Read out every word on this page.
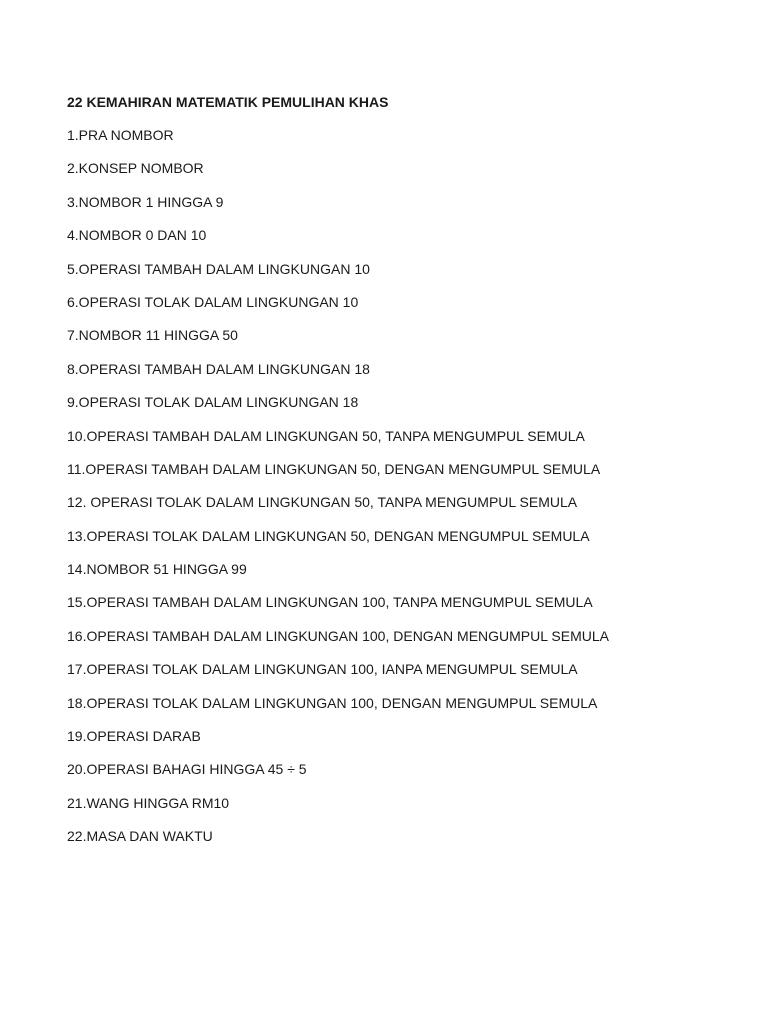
22 KEMAHIRAN MATEMATIK PEMULIHAN KHAS
1.PRA NOMBOR
2.KONSEP NOMBOR
3.NOMBOR 1 HINGGA 9
4.NOMBOR 0 DAN 10
5.OPERASI TAMBAH DALAM LINGKUNGAN 10
6.OPERASI TOLAK DALAM LINGKUNGAN 10
7.NOMBOR 11 HINGGA 50
8.OPERASI TAMBAH DALAM LINGKUNGAN 18
9.OPERASI TOLAK DALAM LINGKUNGAN 18
10.OPERASI TAMBAH DALAM LINGKUNGAN 50, TANPA MENGUMPUL SEMULA
11.OPERASI TAMBAH DALAM LINGKUNGAN 50, DENGAN MENGUMPUL SEMULA
12. OPERASI TOLAK DALAM LINGKUNGAN 50, TANPA MENGUMPUL SEMULA
13.OPERASI TOLAK DALAM LINGKUNGAN 50, DENGAN MENGUMPUL SEMULA
14.NOMBOR 51 HINGGA 99
15.OPERASI TAMBAH DALAM LINGKUNGAN 100, TANPA MENGUMPUL SEMULA
16.OPERASI TAMBAH DALAM LINGKUNGAN 100, DENGAN MENGUMPUL SEMULA
17.OPERASI TOLAK DALAM LINGKUNGAN 100, IANPA MENGUMPUL SEMULA
18.OPERASI TOLAK DALAM LINGKUNGAN 100, DENGAN MENGUMPUL SEMULA
19.OPERASI DARAB
20.OPERASI BAHAGI HINGGA 45 ÷ 5
21.WANG HINGGA RM10
22.MASA DAN WAKTU
